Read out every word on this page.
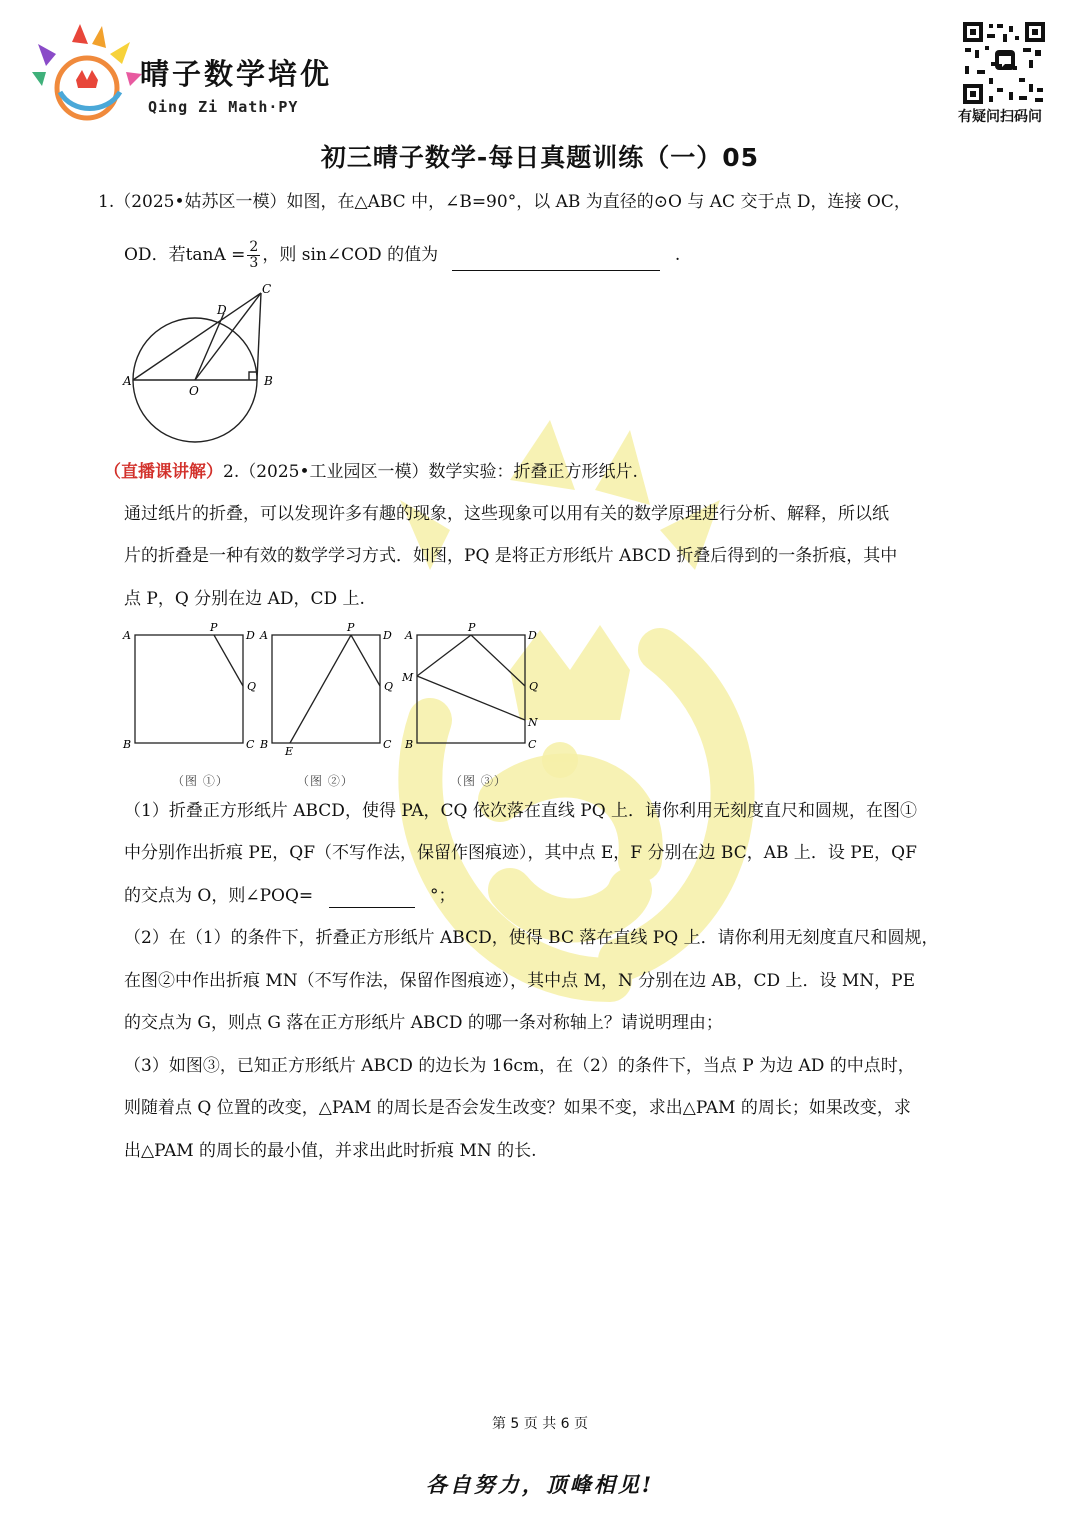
晴子数学培优
Qing Zi Math·PY
有疑问扫码问
初三晴子数学-每日真题训练（一）05
1.（2025•姑苏区一模）如图，在△ABC 中，∠B=90°，以 AB 为直径的⊙O 与 AC 交于点 D，连接 OC，
OD．若$\tan A = \frac{2}{3}$ ，则 sin∠COD 的值为	.
A	B
C
D
O
（直播课讲解）2.（2025•工业园区一模）数学实验：折叠正方形纸片.
通过纸片的折叠，可以发现许多有趣的现象，这些现象可以用有关的数学原理进行分析、解释，所以纸
片的折叠是一种有效的数学学习方式．如图，PQ 是将正方形纸片 ABCD 折叠后得到的一条折痕，其中
点 P，Q 分别在边 AD，CD 上.
A
P
D
Q
B	C
A
P
D
Q
B
E
C
A
P
D
M
Q
N
B	C
（图 ①）	（图 ②）	（图 ③）
（1）折叠正方形纸片 ABCD，使得 PA，CQ 依次落在直线 PQ 上．请你利用无刻度直尺和圆规，在图①
中分别作出折痕 PE，QF（不写作法，保留作图痕迹），其中点 E，F 分别在边 BC，AB 上．设 PE，QF
的交点为 O，则∠POQ=	°；
（2）在（1）的条件下，折叠正方形纸片 ABCD，使得 BC 落在直线 PQ 上．请你利用无刻度直尺和圆规，
在图②中作出折痕 MN（不写作法，保留作图痕迹），其中点 M，N 分别在边 AB，CD 上．设 MN，PE
的交点为 G，则点 G 落在正方形纸片 ABCD 的哪一条对称轴上？请说明理由；
（3）如图③，已知正方形纸片 ABCD 的边长为 16cm，在（2）的条件下，当点 P 为边 AD 的中点时，
则随着点 Q 位置的改变，△PAM 的周长是否会发生改变？如果不变，求出△PAM 的周长；如果改变，求
出△PAM 的周长的最小值，并求出此时折痕 MN 的长.
第 5 页 共 6 页
各自努力，顶峰相见!
